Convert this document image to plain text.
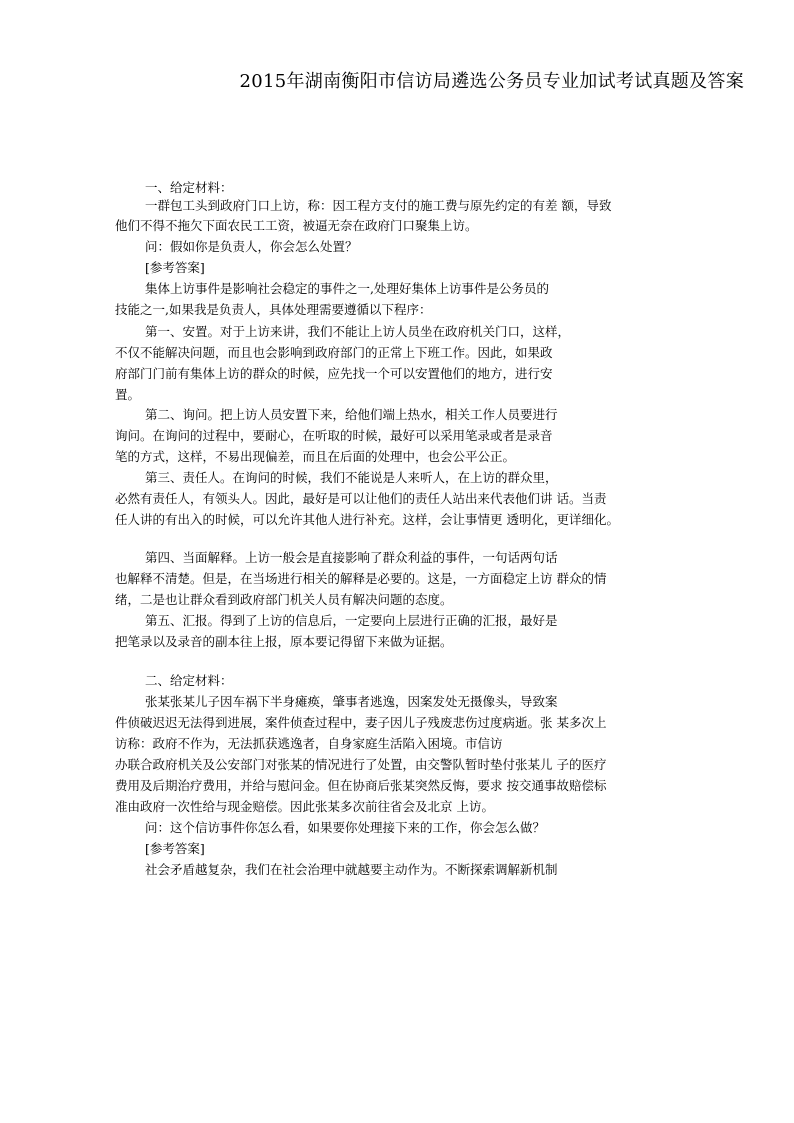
2015年湖南衡阳市信访局遴选公务员专业加试考试真题及答案
一、给定材料：
一群包工头到政府门口上访，称：因工程方支付的施工费与原先约定的有差 额，导致
他们不得不拖欠下面农民工工资，被逼无奈在政府门口聚集上访。
问：假如你是负责人，你会怎么处置？
[参考答案]
集体上访事件是影响社会稳定的事件之一,处理好集体上访事件是公务员的
技能之一,如果我是负责人，具体处理需要遵循以下程序：
第一、安置。对于上访来讲，我们不能让上访人员坐在政府机关门口，这样，
不仅不能解决问题，而且也会影响到政府部门的正常上下班工作。因此，如果政
府部门门前有集体上访的群众的时候，应先找一个可以安置他们的地方，进行安
置。
第二、询问。把上访人员安置下来，给他们端上热水，相关工作人员要进行
询问。在询问的过程中，要耐心，在听取的时候，最好可以采用笔录或者是录音
笔的方式，这样，不易出现偏差，而且在后面的处理中，也会公平公正。
第三、责任人。在询问的时候，我们不能说是人来听人，在上访的群众里，
必然有责任人，有领头人。因此，最好是可以让他们的责任人站出来代表他们讲 话。当责
任人讲的有出入的时候，可以允许其他人进行补充。这样，会让事情更 透明化，更详细化。
第四、当面解释。上访一般会是直接影响了群众利益的事件，一句话两句话
也解释不清楚。但是，在当场进行相关的解释是必要的。这是，一方面稳定上访 群众的情
绪，二是也让群众看到政府部门机关人员有解决问题的态度。
第五、汇报。得到了上访的信息后，一定要向上层进行正确的汇报，最好是
把笔录以及录音的副本往上报，原本要记得留下来做为证据。
二、给定材料：
张某张某儿子因车祸下半身瘫痪，肇事者逃逸，因案发处无摄像头，导致案
件侦破迟迟无法得到进展，案件侦查过程中，妻子因儿子残废悲伤过度病逝。张 某多次上
访称：政府不作为，无法抓获逃逸者，自身家庭生活陷入困境。市信访
办联合政府机关及公安部门对张某的情况进行了处置，由交警队暂时垫付张某儿 子的医疗
费用及后期治疗费用，并给与慰问金。但在协商后张某突然反悔，要求 按交通事故赔偿标
准由政府一次性给与现金赔偿。因此张某多次前往省会及北京 上访。
问：这个信访事件你怎么看，如果要你处理接下来的工作，你会怎么做？
[参考答案]
社会矛盾越复杂，我们在社会治理中就越要主动作为。不断探索调解新机制
